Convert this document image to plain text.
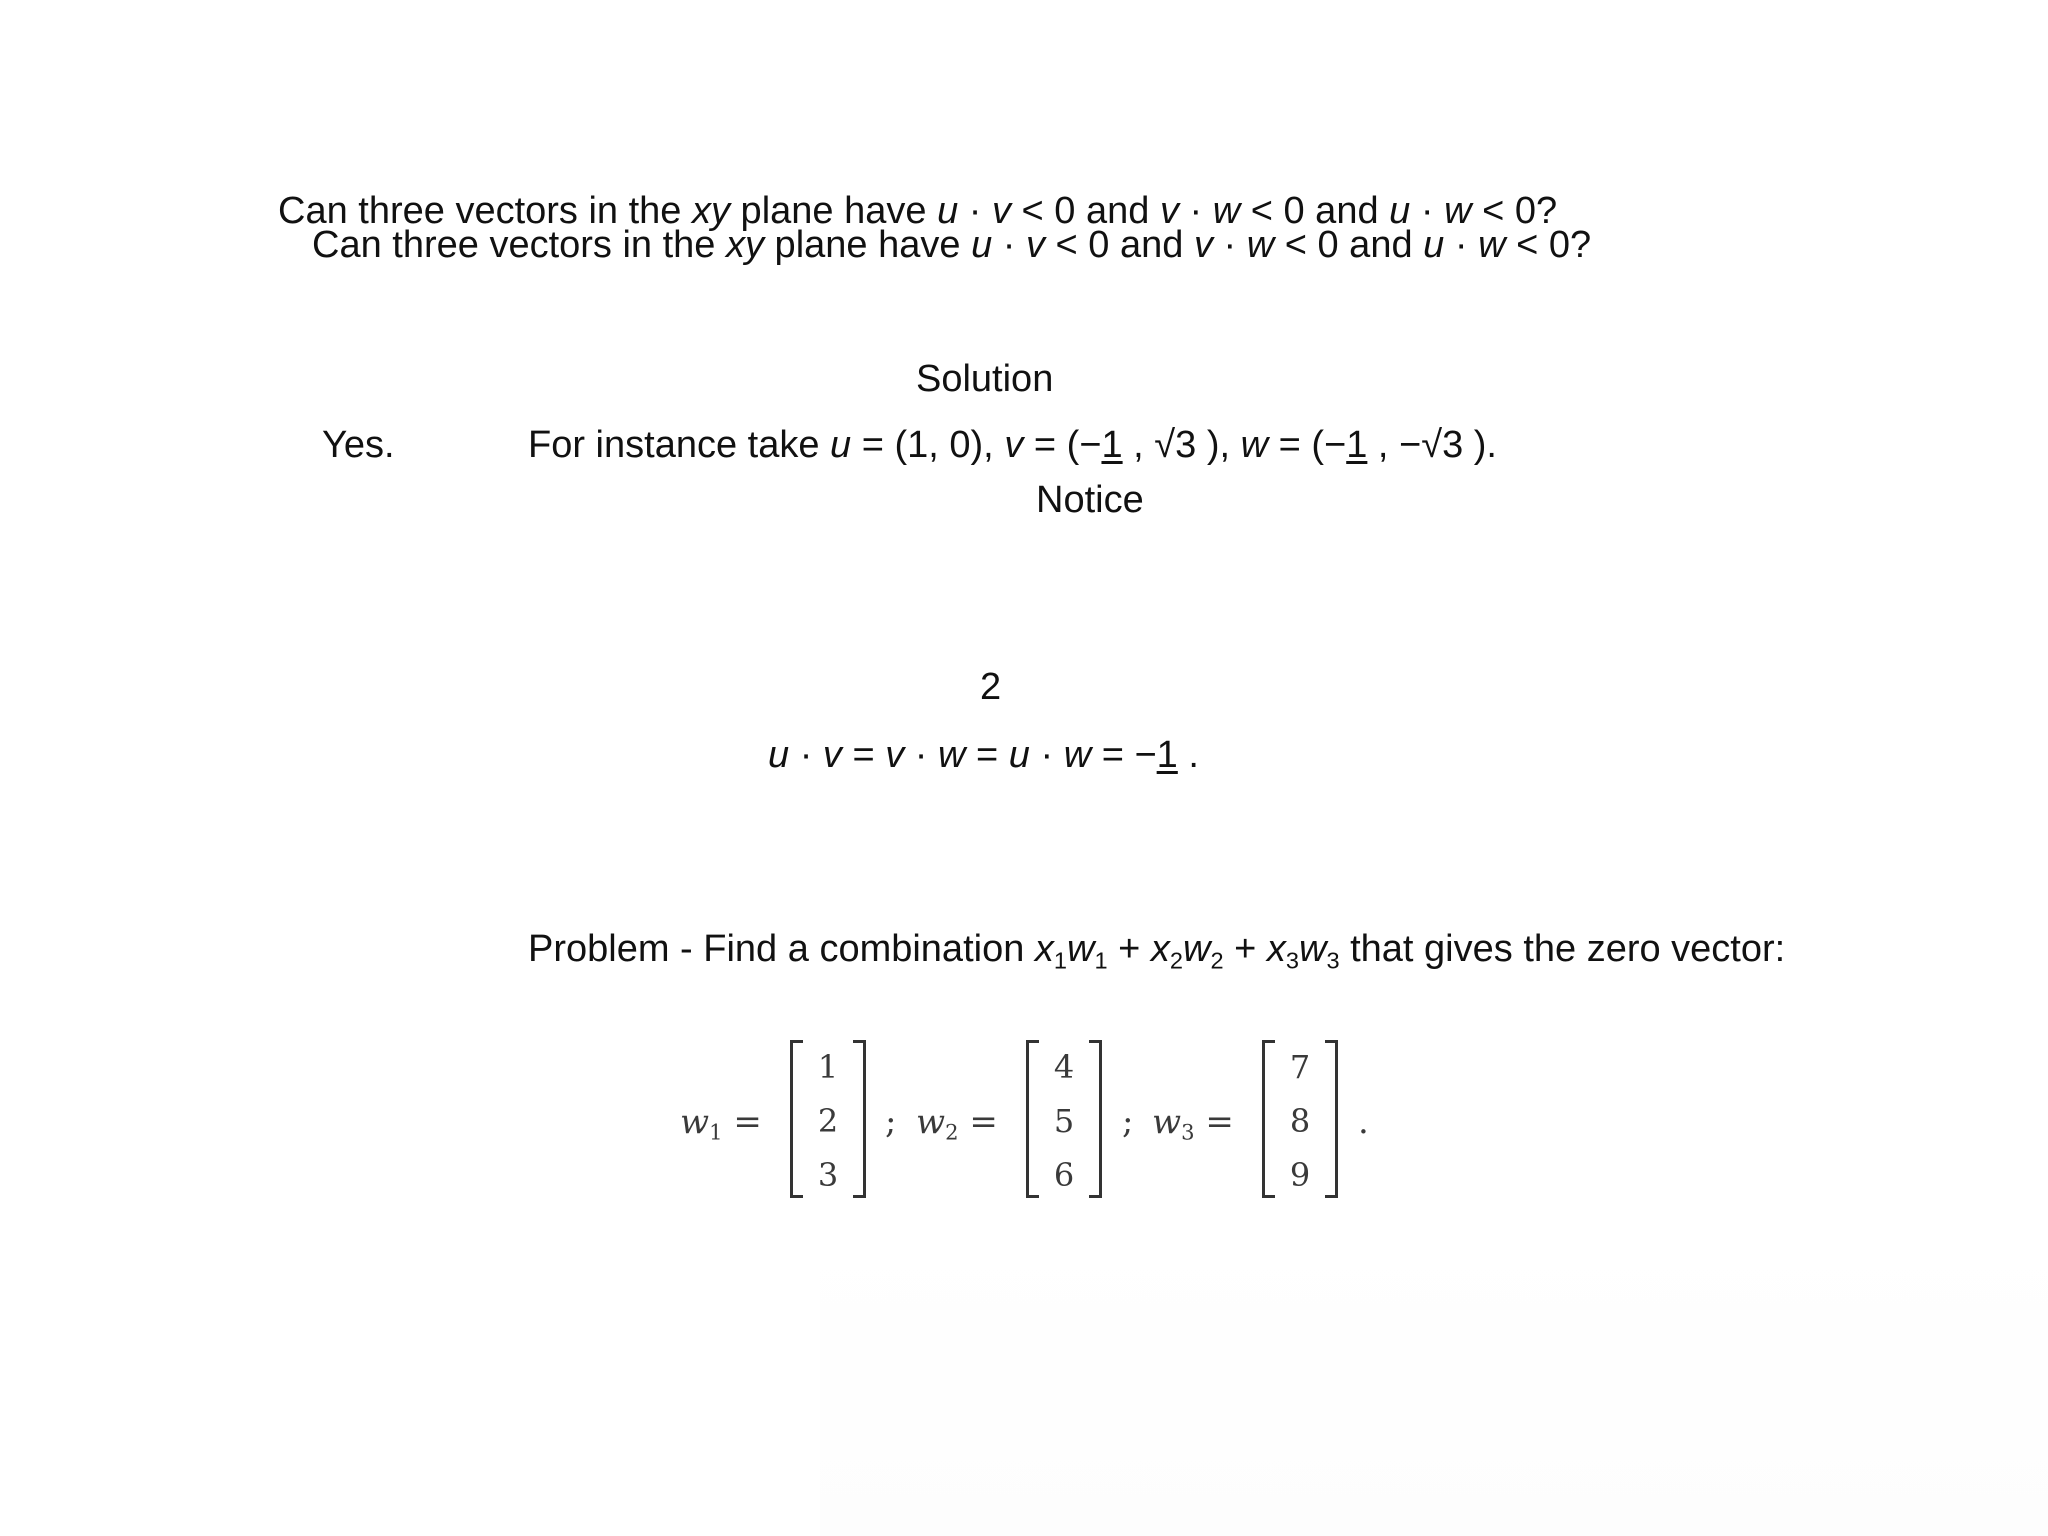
Can three vectors in the xy plane have u · v < 0 and v · w < 0 and u · w < 0?
Can three vectors in the xy plane have u · v < 0 and v · w < 0 and u · w < 0?
Solution
Yes.	For instance take u = (1, 0), v = (−1 , √3 ), w = (−1 , −√3 ).
Notice
2
u · v = v · w = u · w = −1 .
Problem - Find a combination $x_1w_1 + x_2w_2 + x_3w_3$ that gives the zero vector:
$w_1$ =
1
2
3
; $w_2$ =
4
5
6
; $w_3$ =
7
8
9
.
